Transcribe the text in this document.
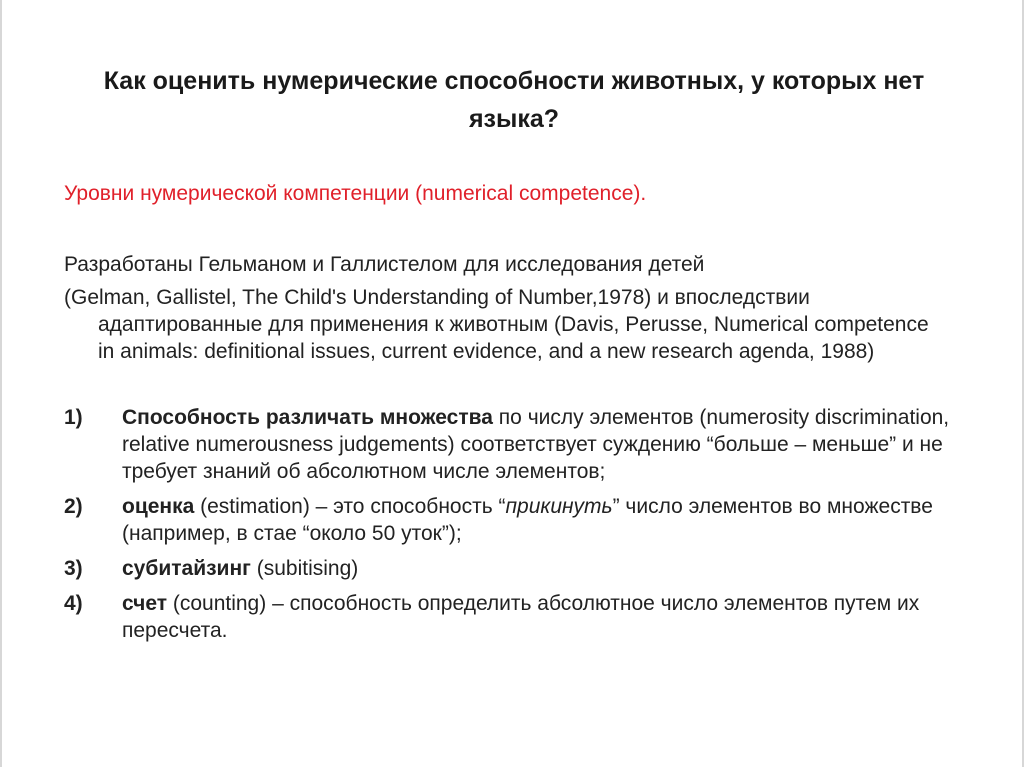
Как оценить нумерические способности животных, у которых нет языка?
Уровни нумерической компетенции (numerical competence).

Разработаны Гельманом и Галлистелом для исследования детей

(Gelman, Gallistel, The Child's Understanding of Number,1978) и впоследствии адаптированные для применения к животным (Davis, Perusse, Numerical competence in animals: definitional issues, current evidence, and a new research agenda, 1988)

1) Способность различать множества по числу элементов (numerosity discrimination, relative numerousness judgements) соответствует суждению “больше – меньше” и не требует знаний об абсолютном числе элементов;
2) оценка (estimation) – это способность “прикинуть” число элементов во множестве (например, в стае “около 50 уток”);
3) субитайзинг (subitising)
4) счет (counting) – способность определить абсолютное число элементов путем их пересчета.
